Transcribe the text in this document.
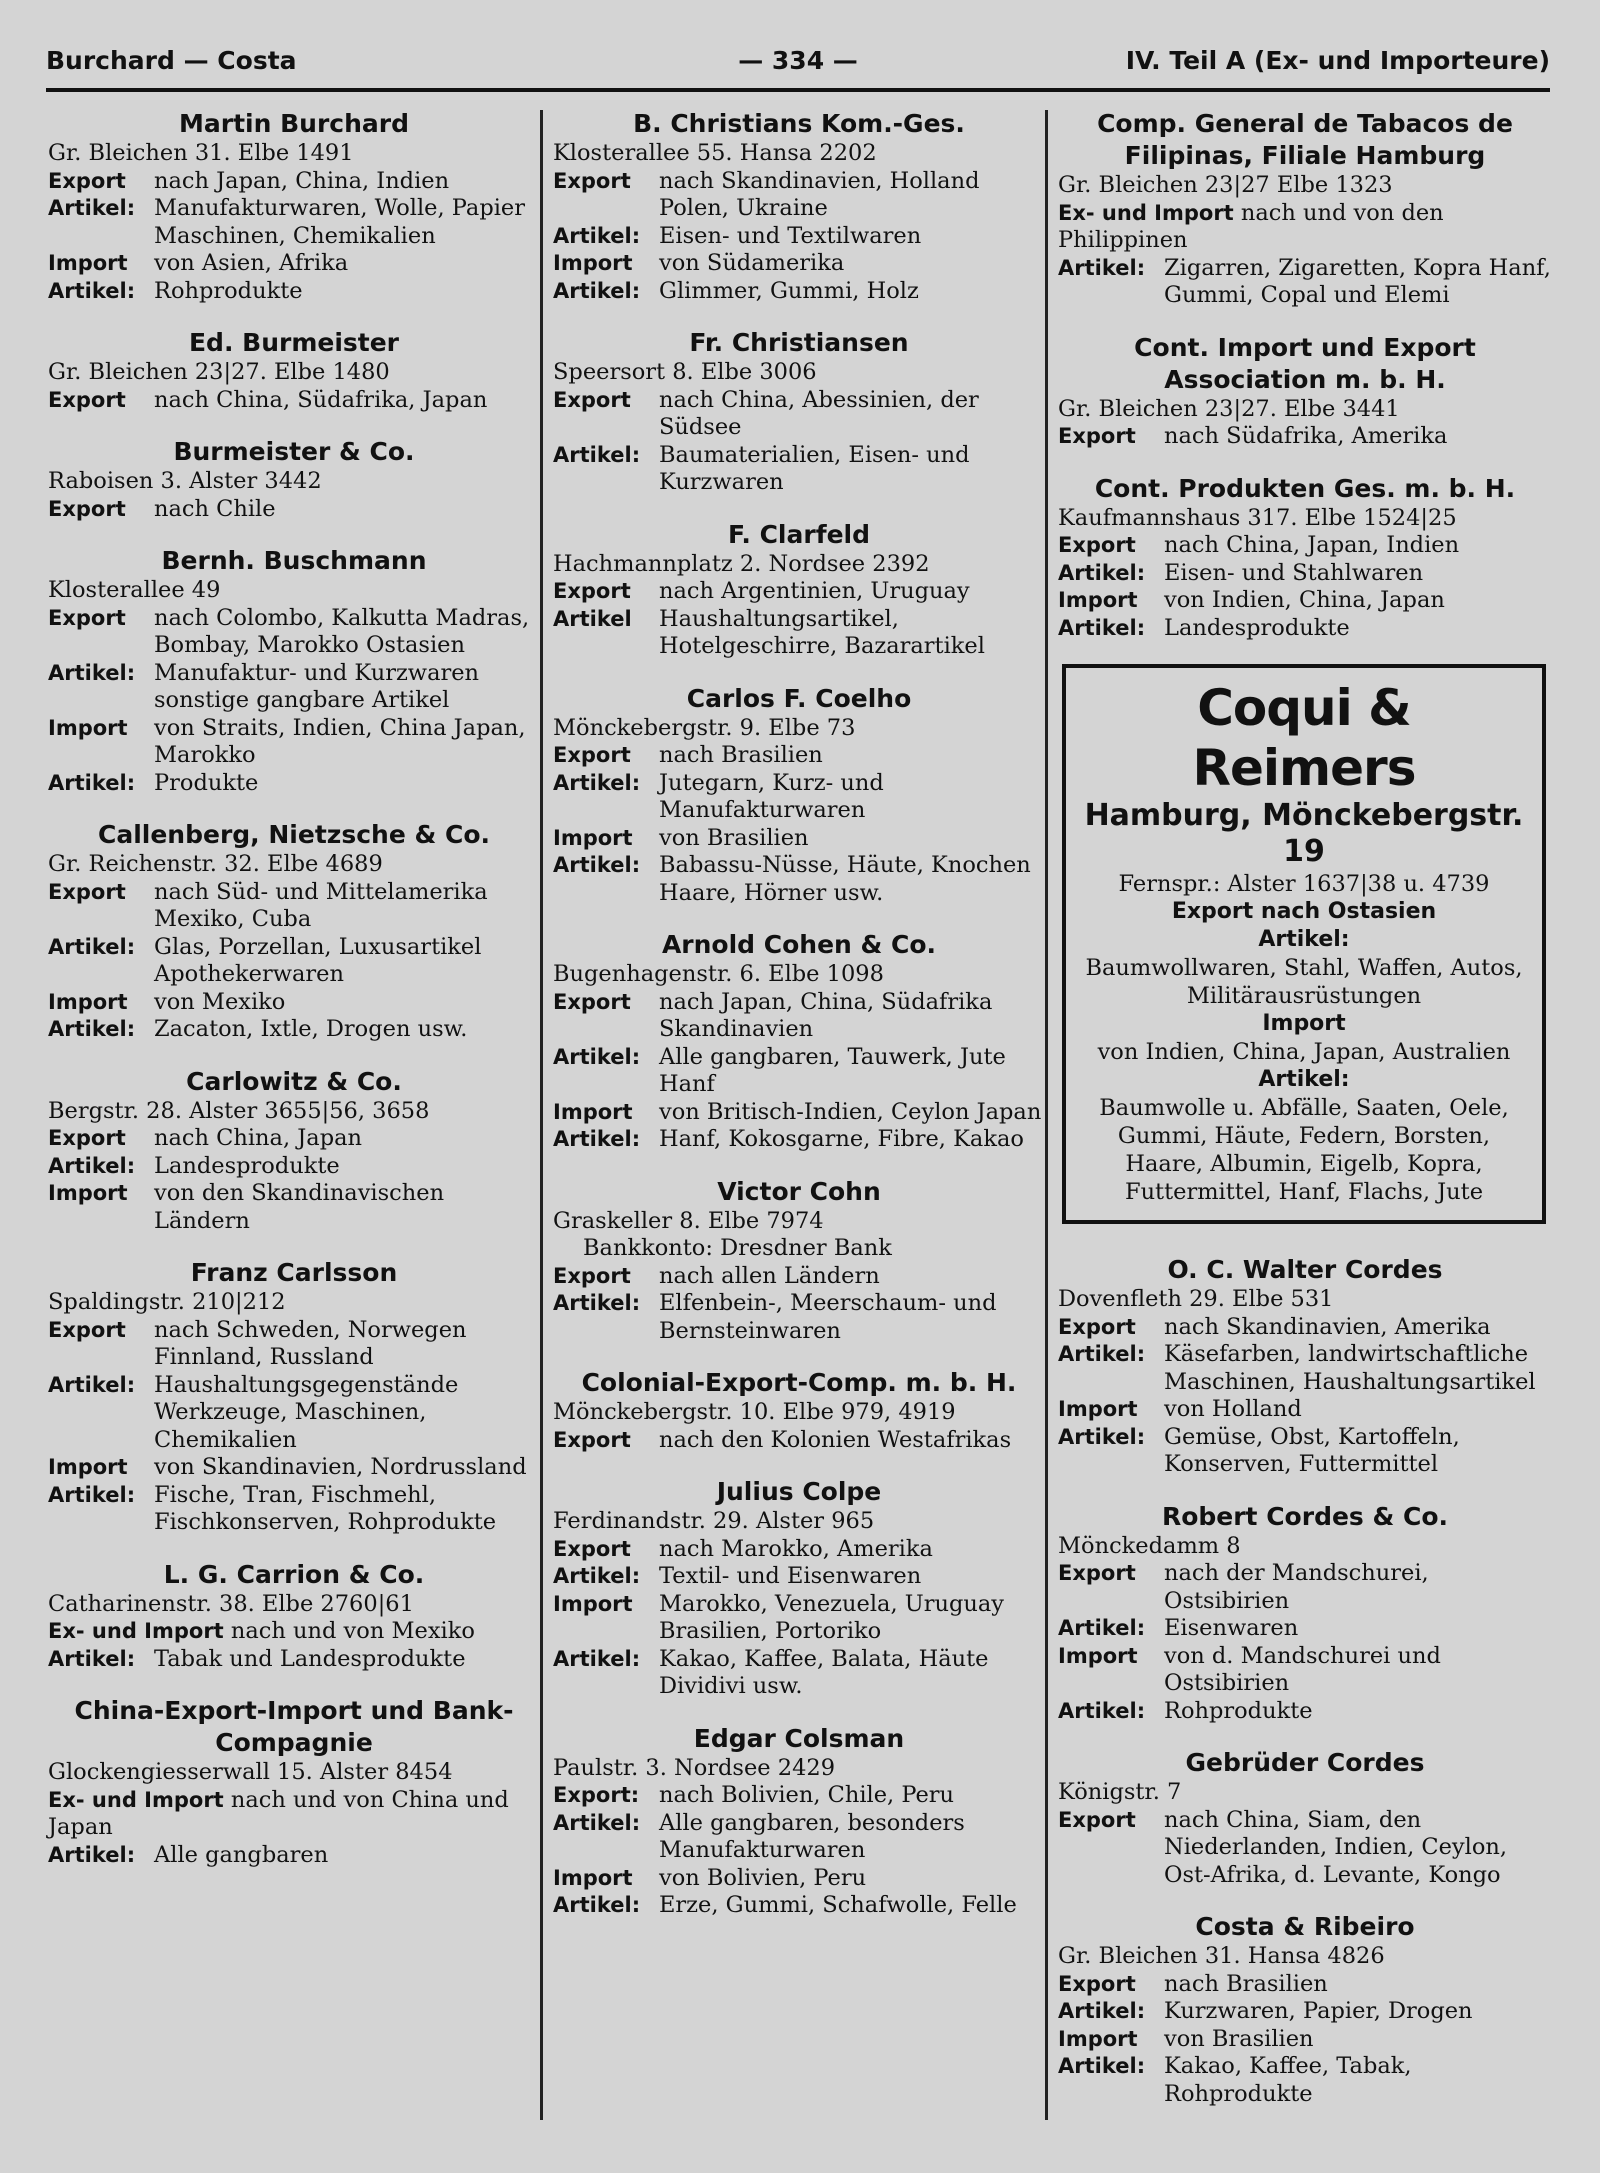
Burchard — Costa	— 334 —	IV. Teil A (Ex- und Importeure)
Martin Burchard
Gr. Bleichen 31. Elbe 1491
Export	nach Japan, China, Indien
Artikel: Manufakturwaren, Wolle, Papier Maschinen, Chemikalien
Import	von Asien, Afrika
Artikel: Rohprodukte
Ed. Burmeister
Gr. Bleichen 23|27. Elbe 1480
Export	nach China, Südafrika, Japan
Burmeister & Co.
Raboisen 3. Alster 3442
Export	nach Chile
Bernh. Buschmann
Klosterallee 49
Export	nach Colombo, Kalkutta Madras, Bombay, Marokko Ostasien
Artikel: Manufaktur- und Kurzwaren sonstige gangbare Artikel
Import	von Straits, Indien, China Japan, Marokko
Artikel: Produkte
Callenberg, Nietzsche & Co.
Gr. Reichenstr. 32. Elbe 4689
Export	nach Süd- und Mittelamerika Mexiko, Cuba
Artikel: Glas, Porzellan, Luxusartikel Apothekerwaren
Import	von Mexiko
Artikel: Zacaton, Ixtle, Drogen usw.
Carlowitz & Co.
Bergstr. 28. Alster 3655|56, 3658
Export	nach China, Japan
Artikel: Landesprodukte
Import	von den Skandinavischen Ländern
Franz Carlsson
Spaldingstr. 210|212
Export	nach Schweden, Norwegen Finnland, Russland
Artikel: Haushaltungsgegenstände Werkzeuge, Maschinen, Chemikalien
Import	von Skandinavien, Nordrussland
Artikel: Fische, Tran, Fischmehl, Fischkonserven, Rohprodukte
L. G. Carrion & Co.
Catharinenstr. 38. Elbe 2760|61
Ex- und Import nach und von Mexiko
Artikel: Tabak und Landesprodukte
China-Export-Import und Bank-Compagnie
Glockengiesserwall 15. Alster 8454
Ex- und Import nach und von China und Japan
Artikel: Alle gangbaren
B. Christians Kom.-Ges.
Klosterallee 55. Hansa 2202
Export	nach Skandinavien, Holland Polen, Ukraine
Artikel: Eisen- und Textilwaren
Import	von Südamerika
Artikel: Glimmer, Gummi, Holz
Fr. Christiansen
Speersort 8. Elbe 3006
Export	nach China, Abessinien, der Südsee
Artikel: Baumaterialien, Eisen- und Kurzwaren
F. Clarfeld
Hachmannplatz 2. Nordsee 2392
Export	nach Argentinien, Uruguay
Artikel	Haushaltungsartikel, Hotelgeschirre, Bazarartikel
Carlos F. Coelho
Mönckebergstr. 9. Elbe 73
Export	nach Brasilien
Artikel: Jutegarn, Kurz- und Manufakturwaren
Import	von Brasilien
Artikel: Babassu-Nüsse, Häute, Knochen Haare, Hörner usw.
Arnold Cohen & Co.
Bugenhagenstr. 6. Elbe 1098
Export	nach Japan, China, Südafrika Skandinavien
Artikel: Alle gangbaren, Tauwerk, Jute Hanf
Import	von Britisch-Indien, Ceylon Japan
Artikel: Hanf, Kokosgarne, Fibre, Kakao
Victor Cohn
Graskeller 8. Elbe 7974
Bankkonto: Dresdner Bank
Export	nach allen Ländern
Artikel: Elfenbein-, Meerschaum- und Bernsteinwaren
Colonial-Export-Comp. m. b. H.
Mönckebergstr. 10. Elbe 979, 4919
Export	nach den Kolonien Westafrikas
Julius Colpe
Ferdinandstr. 29. Alster 965
Export	nach Marokko, Amerika
Artikel: Textil- und Eisenwaren
Import	Marokko, Venezuela, Uruguay Brasilien, Portoriko
Artikel: Kakao, Kaffee, Balata, Häute Dividivi usw.
Edgar Colsman
Paulstr. 3. Nordsee 2429
Export: nach Bolivien, Chile, Peru
Artikel: Alle gangbaren, besonders Manufakturwaren
Import	von Bolivien, Peru
Artikel: Erze, Gummi, Schafwolle, Felle
Comp. General de Tabacos de Filipinas, Filiale Hamburg
Gr. Bleichen 23|27 Elbe 1323
Ex- und Import nach und von den Philippinen
Artikel: Zigarren, Zigaretten, Kopra Hanf, Gummi, Copal und Elemi
Cont. Import und Export Association m. b. H.
Gr. Bleichen 23|27. Elbe 3441
Export	nach Südafrika, Amerika
Cont. Produkten Ges. m. b. H.
Kaufmannshaus 317. Elbe 1524|25
Export	nach China, Japan, Indien
Artikel: Eisen- und Stahlwaren
Import	von Indien, China, Japan
Artikel: Landesprodukte
Coqui & Reimers
Hamburg, Mönckebergstr. 19
Fernspr.: Alster 1637|38 u. 4739
Export nach Ostasien
Artikel:
Baumwollwaren, Stahl, Waffen, Autos, Militärausrüstungen
Import
von Indien, China, Japan, Australien
Artikel:
Baumwolle u. Abfälle, Saaten, Oele, Gummi, Häute, Federn, Borsten, Haare, Albumin, Eigelb, Kopra, Futtermittel, Hanf, Flachs, Jute
O. C. Walter Cordes
Dovenfleth 29. Elbe 531
Export	nach Skandinavien, Amerika
Artikel: Käsefarben, landwirtschaftliche Maschinen, Haushaltungsartikel
Import	von Holland
Artikel: Gemüse, Obst, Kartoffeln, Konserven, Futtermittel
Robert Cordes & Co.
Mönckedamm 8
Export	nach der Mandschurei, Ostsibirien
Artikel: Eisenwaren
Import	von d. Mandschurei und Ostsibirien
Artikel: Rohprodukte
Gebrüder Cordes
Königstr. 7
Export	nach China, Siam, den Niederlanden, Indien, Ceylon, Ost-Afrika, d. Levante, Kongo
Costa & Ribeiro
Gr. Bleichen 31. Hansa 4826
Export	nach Brasilien
Artikel: Kurzwaren, Papier, Drogen
Import	von Brasilien
Artikel: Kakao, Kaffee, Tabak, Rohprodukte
